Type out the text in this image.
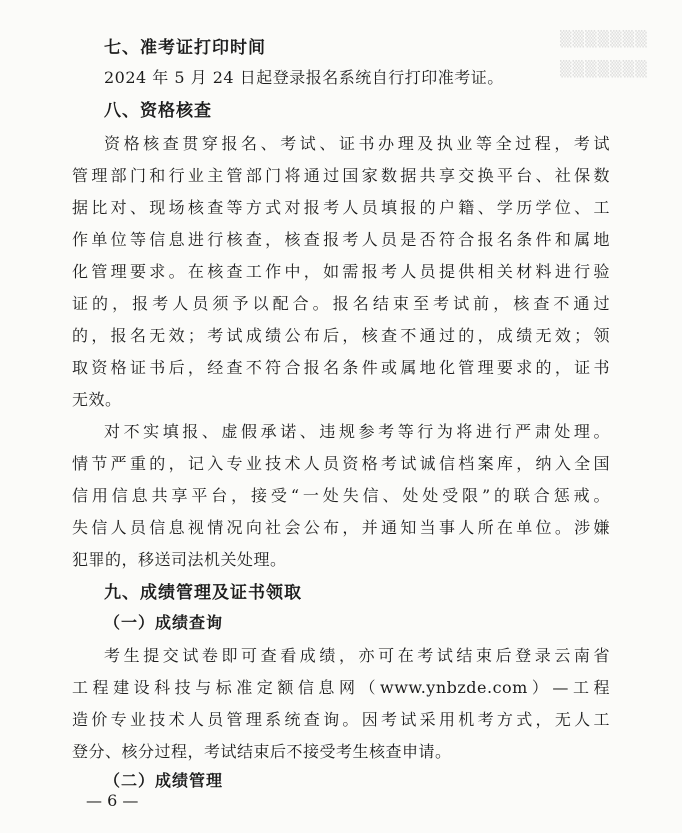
▒▒▒▒▒▒▒
▒▒▒▒▒▒▒
七、准考证打印时间
2024 年 5 月 24 日起登录报名系统自行打印准考证。
八、资格核查
资格核查贯穿报名、考试、证书办理及执业等全过程，考试
管理部门和行业主管部门将通过国家数据共享交换平台、社保数
据比对、现场核查等方式对报考人员填报的户籍、学历学位、工
作单位等信息进行核查，核查报考人员是否符合报名条件和属地
化管理要求。在核查工作中，如需报考人员提供相关材料进行验
证的，报考人员须予以配合。报名结束至考试前，核查不通过
的，报名无效；考试成绩公布后，核查不通过的，成绩无效；领
取资格证书后，经查不符合报名条件或属地化管理要求的，证书
无效。
对不实填报、虚假承诺、违规参考等行为将进行严肃处理。
情节严重的，记入专业技术人员资格考试诚信档案库，纳入全国
信用信息共享平台，接受“一处失信、处处受限”的联合惩戒。
失信人员信息视情况向社会公布，并通知当事人所在单位。涉嫌
犯罪的，移送司法机关处理。
九、成绩管理及证书领取
（一）成绩查询
考生提交试卷即可查看成绩，亦可在考试结束后登录云南省
工程建设科技与标准定额信息网（www.ynbzde.com）—工程
造价专业技术人员管理系统查询。因考试采用机考方式，无人工
登分、核分过程，考试结束后不接受考生核查申请。
（二）成绩管理
— 6 —
